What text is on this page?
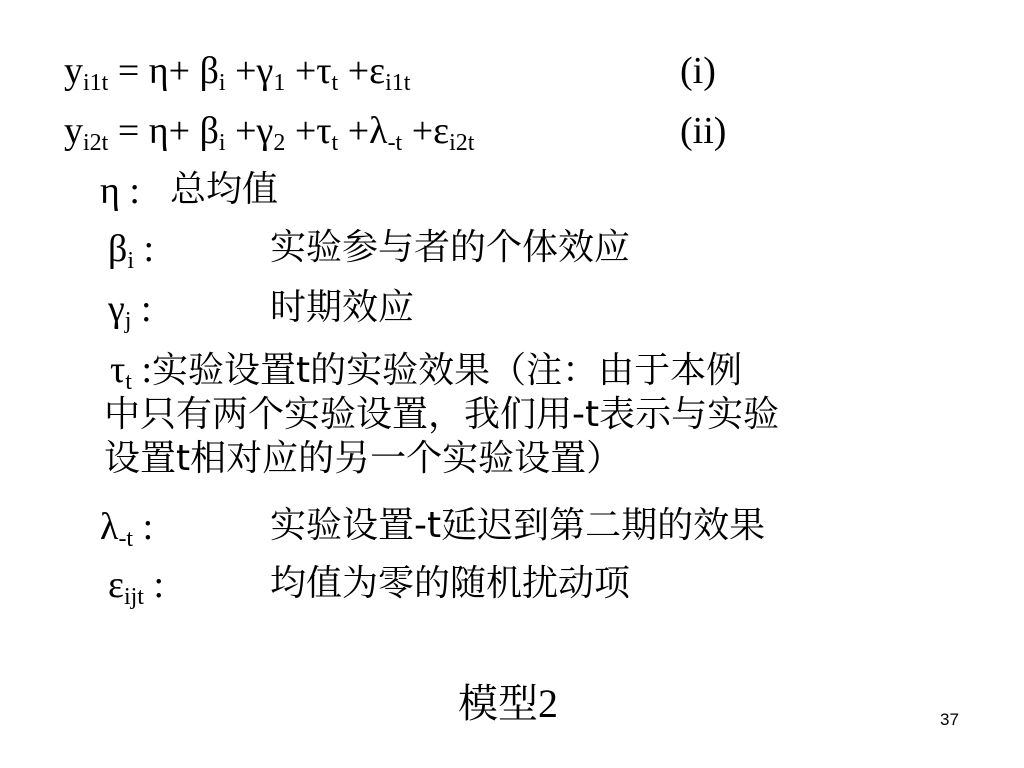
$y_{i1t} = \eta+ \beta_i +\gamma_1 +\tau_t +\varepsilon_{i1t}$	(i)
$y_{i2t} = \eta+ \beta_i +\gamma_2 +\tau_t +\lambda_{-t} +\varepsilon_{i2t}$	(ii)
η : 总均值
$\beta_i$ :	实验参与者的个体效应
$\gamma_j$ :	时期效应
$\tau_t$ :实验设置t的实验效果（注：由于本例
中只有两个实验设置，我们用-t表示与实验
设置t相对应的另一个实验设置）
$\lambda_{-t}$ :	实验设置-t延迟到第二期的效果
$\varepsilon_{ijt}$ :	均值为零的随机扰动项
模型2	37
